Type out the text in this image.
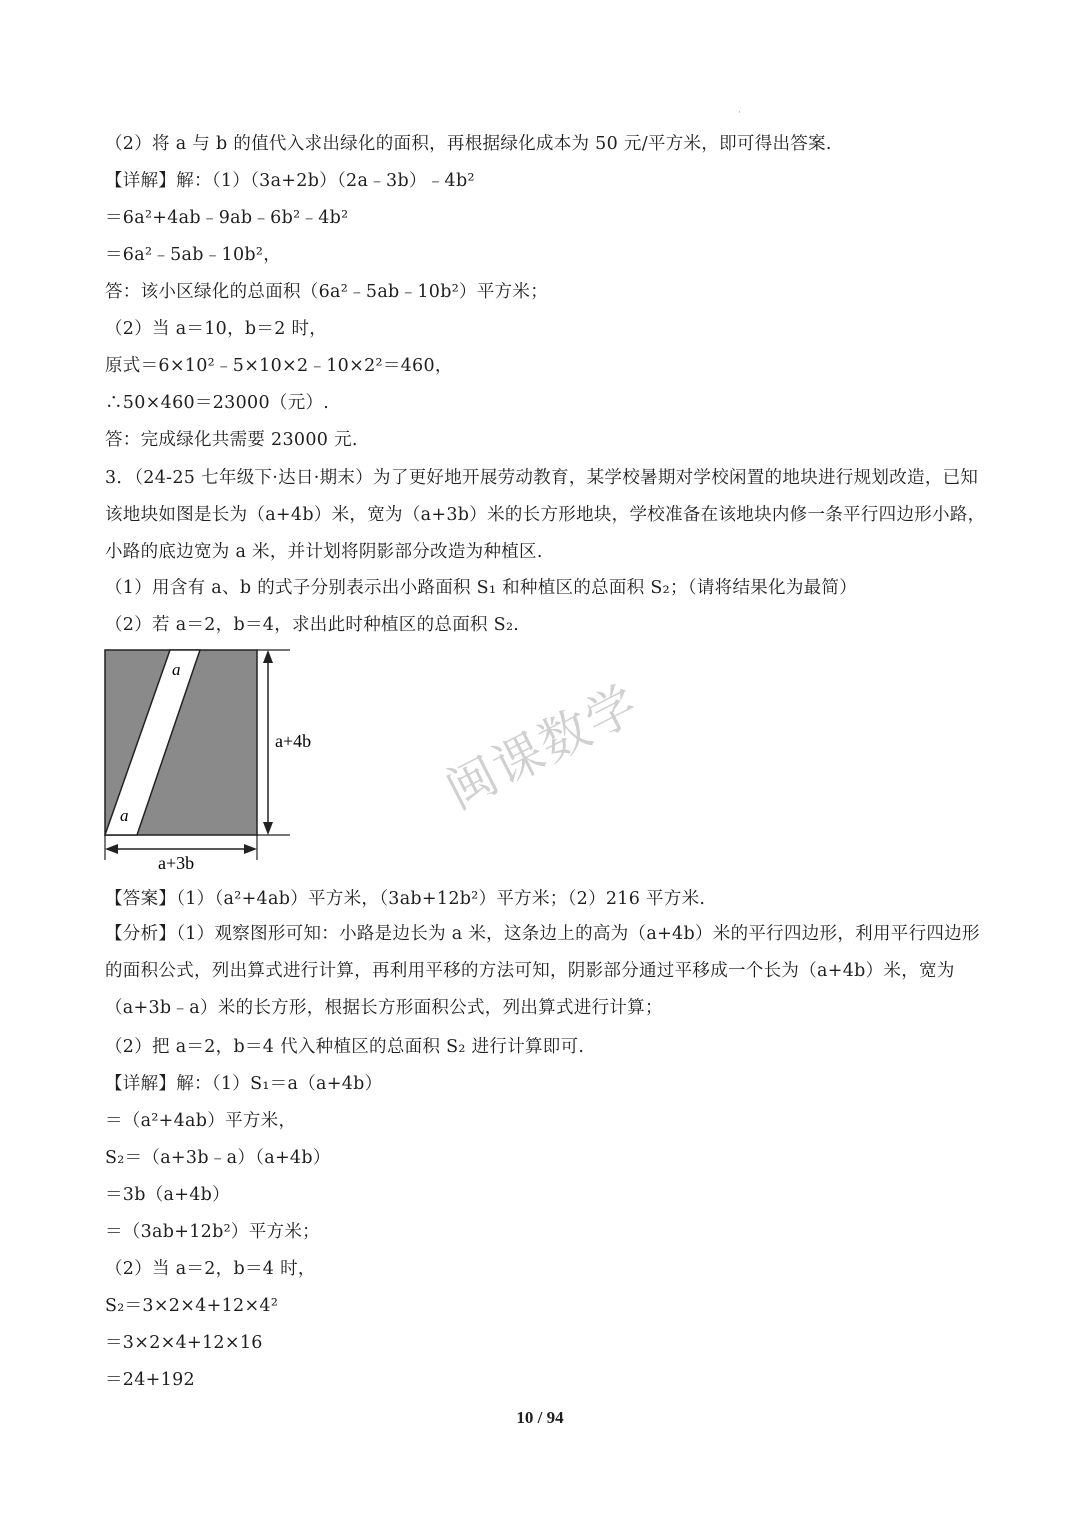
·
（2）将 a 与 b 的值代入求出绿化的面积，再根据绿化成本为 50 元/平方米，即可得出答案.
【详解】解：（1）（3a+2b）（2a﹣3b）﹣4b²
＝6a²+4ab﹣9ab﹣6b²﹣4b²
＝6a²﹣5ab﹣10b²，
答：该小区绿化的总面积（6a²﹣5ab﹣10b²）平方米；
（2）当 a＝10，b＝2 时，
原式＝6×10²﹣5×10×2﹣10×2²＝460，
∴50×460＝23000（元）.
答：完成绿化共需要 23000 元.
3．（24-25 七年级下·达日·期末）为了更好地开展劳动教育，某学校暑期对学校闲置的地块进行规划改造，已知该地块如图是长为（a+4b）米，宽为（a+3b）米的长方形地块，学校准备在该地块内修一条平行四边形小路，小路的底边宽为 a 米，并计划将阴影部分改造为种植区.
（1）用含有 a、b 的式子分别表示出小路面积 S₁ 和种植区的总面积 S₂；（请将结果化为最简）
（2）若 a＝2，b＝4，求出此时种植区的总面积 S₂.
a
a
a+4b
a+3b
闽课数学
【答案】（1）（a²+4ab）平方米，（3ab+12b²）平方米；（2）216 平方米.
【分析】（1）观察图形可知：小路是边长为 a 米，这条边上的高为（a+4b）米的平行四边形，利用平行四边形的面积公式，列出算式进行计算，再利用平移的方法可知，阴影部分通过平移成一个长为（a+4b）米，宽为（a+3b﹣a）米的长方形，根据长方形面积公式，列出算式进行计算；
（2）把 a＝2，b＝4 代入种植区的总面积 S₂ 进行计算即可.
【详解】解：（1）S₁＝a（a+4b）
＝（a²+4ab）平方米，
S₂＝（a+3b﹣a）（a+4b）
＝3b（a+4b）
＝（3ab+12b²）平方米；
（2）当 a＝2，b＝4 时，
S₂＝3×2×4+12×4²
＝3×2×4+12×16
＝24+192
10 / 94
